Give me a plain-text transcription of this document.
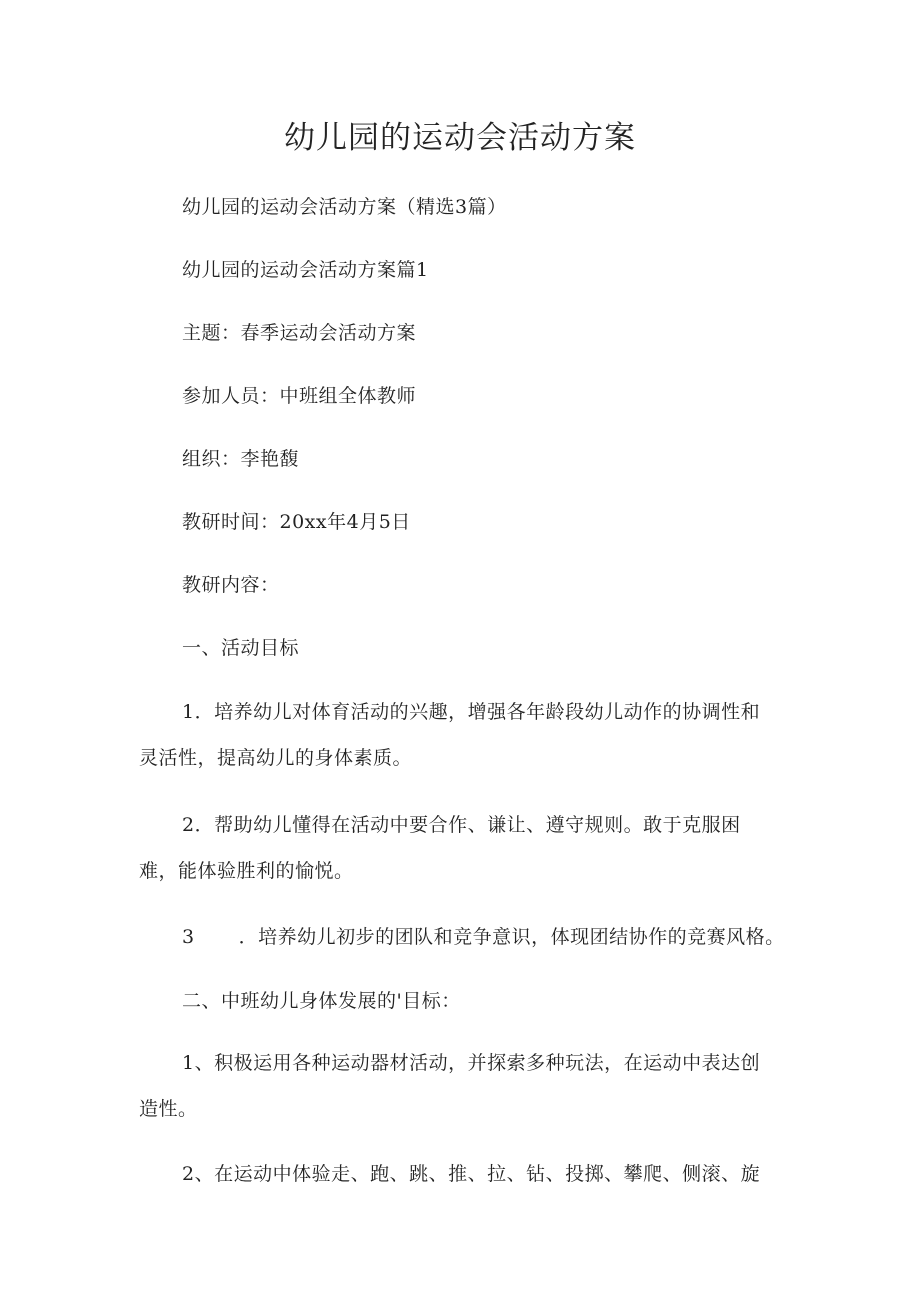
幼儿园的运动会活动方案
幼儿园的运动会活动方案（精选3篇）
幼儿园的运动会活动方案篇1
主题：春季运动会活动方案
参加人员：中班组全体教师
组织：李艳馥
教研时间：20xx年4月5日
教研内容：
一、活动目标
1．培养幼儿对体育活动的兴趣，增强各年龄段幼儿动作的协调性和
灵活性，提高幼儿的身体素质。
2．帮助幼儿懂得在活动中要合作、谦让、遵守规则。敢于克服困
难，能体验胜利的愉悦。
3 ．培养幼儿初步的团队和竞争意识，体现团结协作的竞赛风格。
二、中班幼儿身体发展的'目标：
1、积极运用各种运动器材活动，并探索多种玩法，在运动中表达创
造性。
2、在运动中体验走、跑、跳、推、拉、钻、投掷、攀爬、侧滚、旋
